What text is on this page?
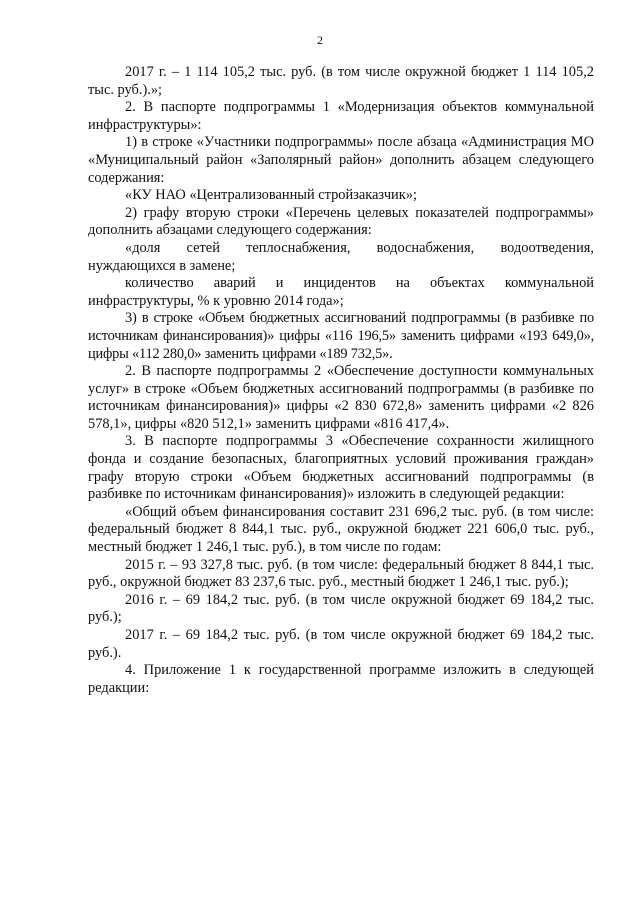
2

2017 г. – 1 114 105,2 тыс. руб. (в том числе окружной бюджет 1 114 105,2 тыс. руб.).»;

2. В паспорте подпрограммы 1 «Модернизация объектов коммунальной инфраструктуры»:

1) в строке «Участники подпрограммы» после абзаца «Администрация МО «Муниципальный район «Заполярный район» дополнить абзацем следующего содержания:

«КУ НАО «Централизованный стройзаказчик»;

2) графу вторую строки «Перечень целевых показателей подпрограммы» дополнить абзацами следующего содержания:

«доля сетей теплоснабжения, водоснабжения, водоотведения, нуждающихся в замене;

количество аварий и инцидентов на объектах коммунальной инфраструктуры, % к уровню 2014 года»;

3) в строке «Объем бюджетных ассигнований подпрограммы (в разбивке по источникам финансирования)» цифры «116 196,5» заменить цифрами «193 649,0», цифры «112 280,0» заменить цифрами «189 732,5».

2. В паспорте подпрограммы 2 «Обеспечение доступности коммунальных услуг» в строке «Объем бюджетных ассигнований подпрограммы (в разбивке по источникам финансирования)» цифры «2 830 672,8» заменить цифрами «2 826 578,1», цифры «820 512,1» заменить цифрами «816 417,4».

3. В паспорте подпрограммы 3 «Обеспечение сохранности жилищного фонда и создание безопасных, благоприятных условий проживания граждан» графу вторую строки «Объем бюджетных ассигнований подпрограммы (в разбивке по источникам финансирования)» изложить в следующей редакции:

«Общий объем финансирования составит 231 696,2 тыс. руб. (в том числе: федеральный бюджет 8 844,1 тыс. руб., окружной бюджет 221 606,0 тыс. руб., местный бюджет 1 246,1 тыс. руб.), в том числе по годам:

2015 г. – 93 327,8 тыс. руб. (в том числе: федеральный бюджет 8 844,1 тыс. руб., окружной бюджет 83 237,6 тыс. руб., местный бюджет 1 246,1 тыс. руб.);

2016 г. – 69 184,2 тыс. руб. (в том числе окружной бюджет 69 184,2 тыс. руб.);

2017 г. – 69 184,2 тыс. руб. (в том числе окружной бюджет 69 184,2 тыс. руб.).

4. Приложение 1 к государственной программе изложить в следующей редакции:
